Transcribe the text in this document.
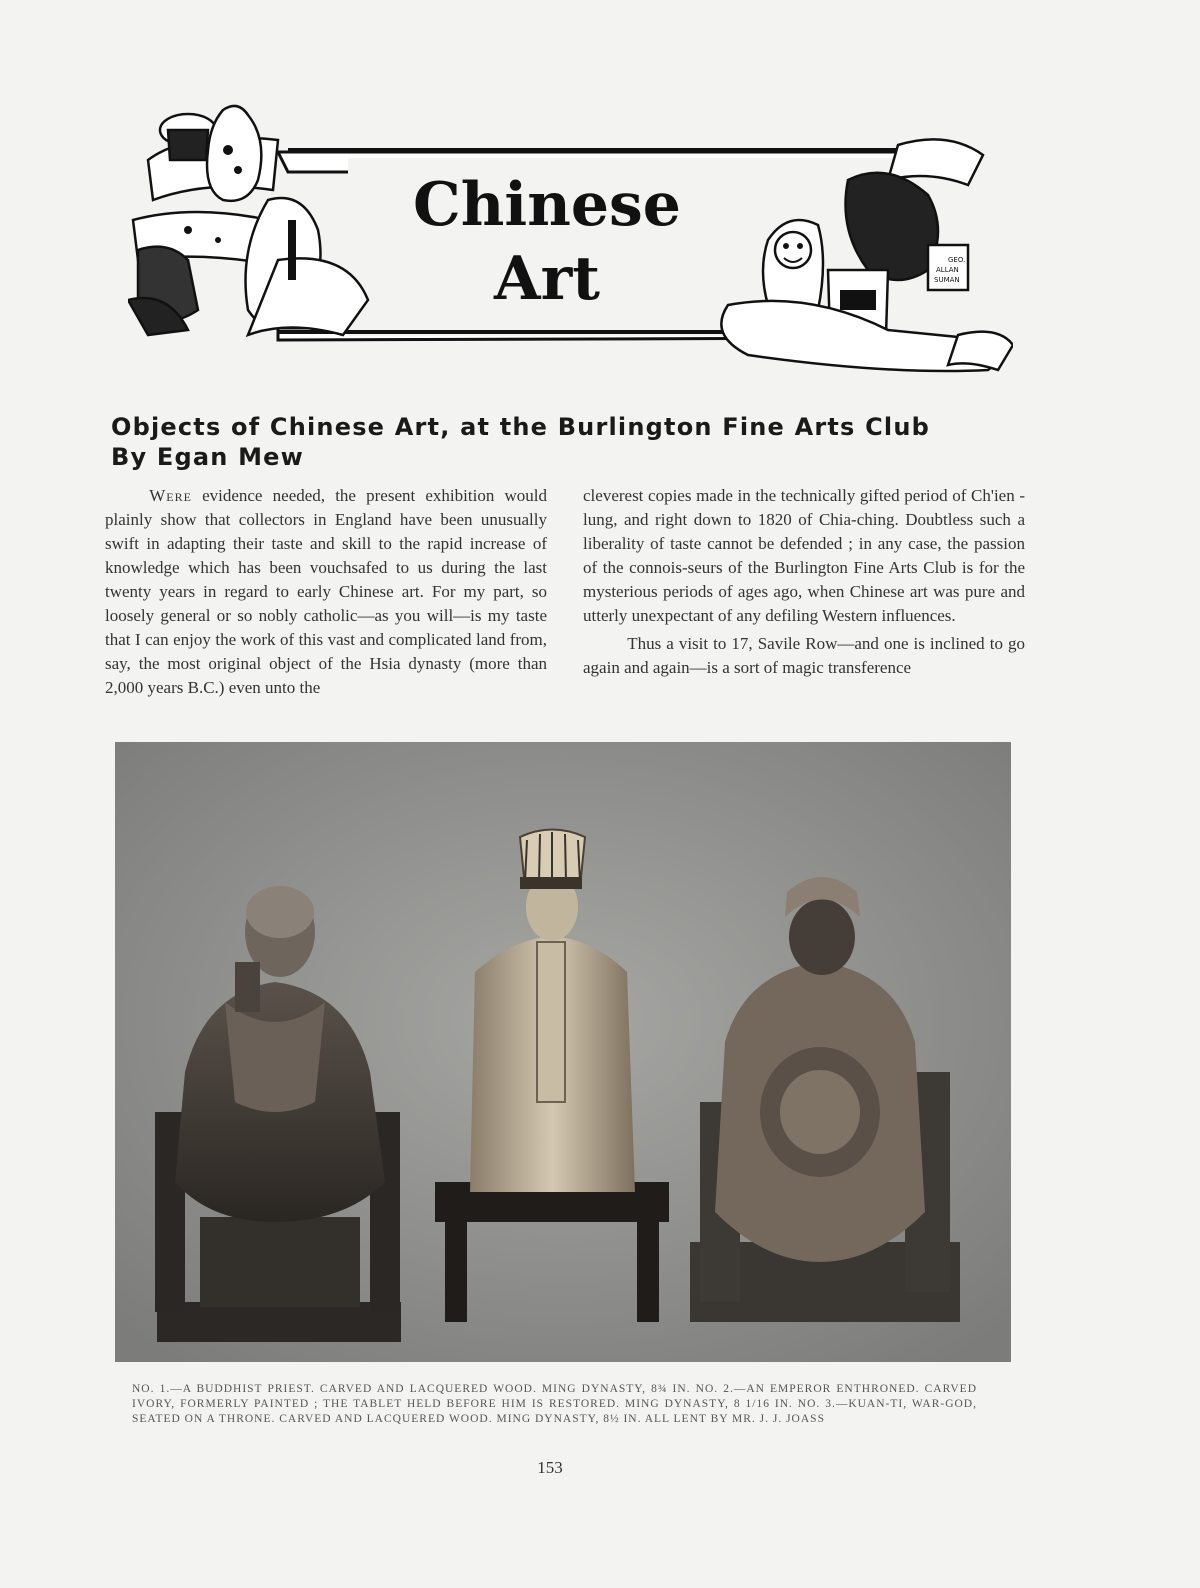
GEO.
ALLAN
SUMAN
Chinese
Art
Objects of Chinese Art, at the Burlington Fine Arts Club
By Egan Mew

Were evidence needed, the present exhibition would plainly show that collectors in England have been unusually swift in adapting their taste and skill to the rapid increase of knowledge which has been vouchsafed to us during the last twenty years in regard to early Chinese art. For my part, so loosely general or so nobly catholic—as you will—is my taste that I can enjoy the work of this vast and complicated land from, say, the most original object of the Hsia dynasty (more than 2,000 years B.C.) even unto the

cleverest copies made in the technically gifted period of Ch'ien - lung, and right down to 1820 of Chia-ching. Doubtless such a liberality of taste cannot be defended ; in any case, the passion of the connois-seurs of the Burlington Fine Arts Club is for the mysterious periods of ages ago, when Chinese art was pure and utterly unexpectant of any defiling Western influences.

Thus a visit to 17, Savile Row—and one is inclined to go again and again—is a sort of magic transference

NO. 1.—A BUDDHIST PRIEST. CARVED AND LACQUERED WOOD. MING DYNASTY, 8¾ IN. NO. 2.—AN EMPEROR ENTHRONED. CARVED IVORY, FORMERLY PAINTED ; THE TABLET HELD BEFORE HIM IS RESTORED. MING DYNASTY, 8 1/16 IN. NO. 3.—KUAN-TI, WAR-GOD, SEATED ON A THRONE. CARVED AND LACQUERED WOOD. MING DYNASTY, 8½ IN. ALL LENT BY MR. J. J. JOASS
153
